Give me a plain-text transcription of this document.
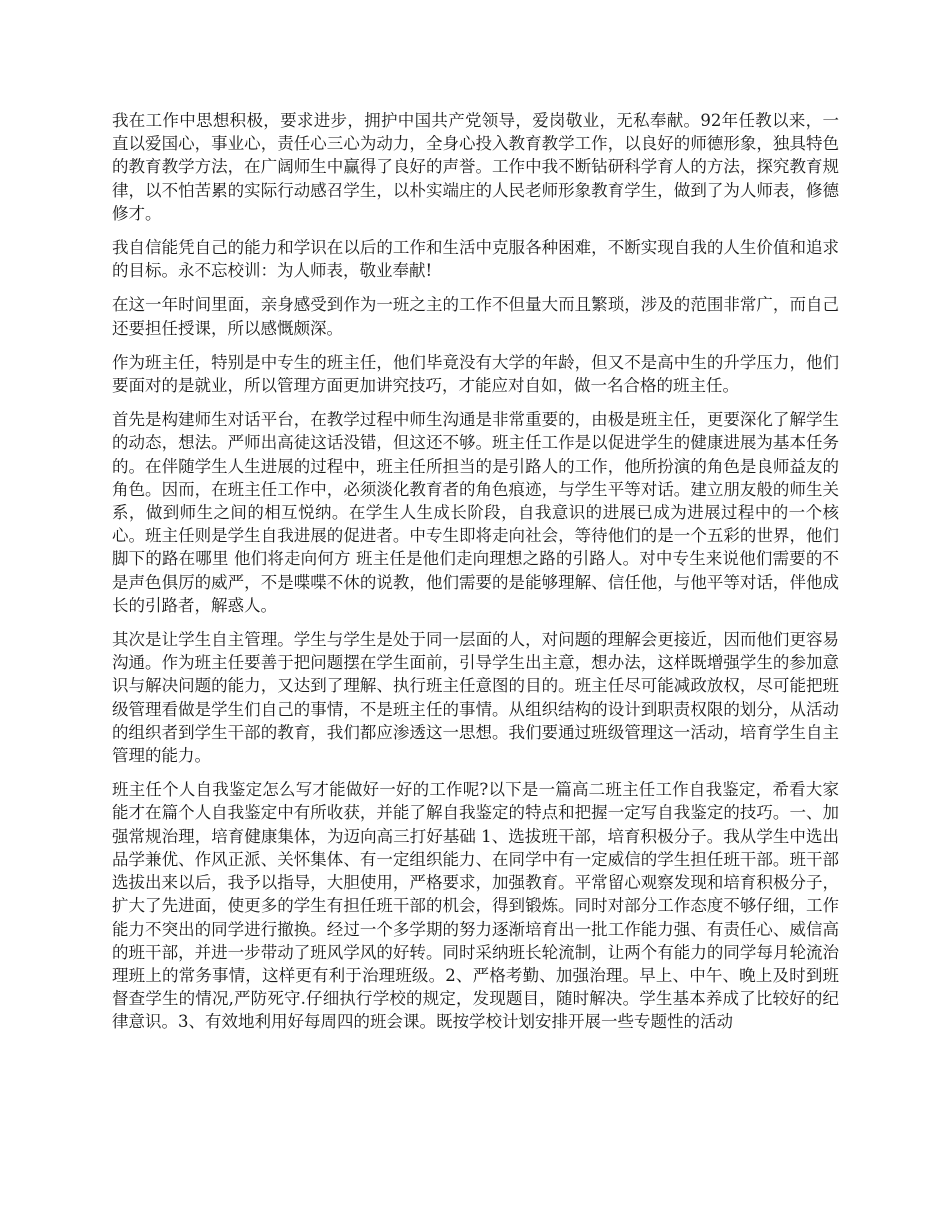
我在工作中思想积极，要求进步，拥护中国共产党领导，爱岗敬业，无私奉献。92年任教以来，一直以爱国心，事业心，责任心三心为动力，全身心投入教育教学工作，以良好的师德形象，独具特色的教育教学方法，在广阔师生中赢得了良好的声誉。工作中我不断钻研科学育人的方法，探究教育规律，以不怕苦累的实际行动感召学生，以朴实端庄的人民老师形象教育学生，做到了为人师表，修德修才。

我自信能凭自己的能力和学识在以后的工作和生活中克服各种困难，不断实现自我的人生价值和追求的目标。永不忘校训：为人师表，敬业奉献!

在这一年时间里面，亲身感受到作为一班之主的工作不但量大而且繁琐，涉及的范围非常广，而自己还要担任授课，所以感慨颇深。

作为班主任，特别是中专生的班主任，他们毕竟没有大学的年龄，但又不是高中生的升学压力，他们要面对的是就业，所以管理方面更加讲究技巧，才能应对自如，做一名合格的班主任。

首先是构建师生对话平台，在教学过程中师生沟通是非常重要的，由极是班主任，更要深化了解学生的动态，想法。严师出高徒这话没错，但这还不够。班主任工作是以促进学生的健康进展为基本任务的。在伴随学生人生进展的过程中，班主任所担当的是引路人的工作，他所扮演的角色是良师益友的角色。因而，在班主任工作中，必须淡化教育者的角色痕迹，与学生平等对话。建立朋友般的师生关系，做到师生之间的相互悦纳。在学生人生成长阶段，自我意识的进展已成为进展过程中的一个核心。班主任则是学生自我进展的促进者。中专生即将走向社会，等待他们的是一个五彩的世界，他们脚下的路在哪里 他们将走向何方 班主任是他们走向理想之路的引路人。对中专生来说他们需要的不是声色俱厉的威严，不是喋喋不休的说教，他们需要的是能够理解、信任他，与他平等对话，伴他成长的引路者，解惑人。

其次是让学生自主管理。学生与学生是处于同一层面的人，对问题的理解会更接近，因而他们更容易沟通。作为班主任要善于把问题摆在学生面前，引导学生出主意，想办法，这样既增强学生的参加意识与解决问题的能力，又达到了理解、执行班主任意图的目的。班主任尽可能减政放权，尽可能把班级管理看做是学生们自己的事情，不是班主任的事情。从组织结构的设计到职责权限的划分，从活动的组织者到学生干部的教育，我们都应渗透这一思想。我们要通过班级管理这一活动，培育学生自主管理的能力。

班主任个人自我鉴定怎么写才能做好一好的工作呢?以下是一篇高二班主任工作自我鉴定，希看大家能才在篇个人自我鉴定中有所收获，并能了解自我鉴定的特点和把握一定写自我鉴定的技巧。一、加强常规治理，培育健康集体，为迈向高三打好基础 1、选拔班干部，培育积极分子。我从学生中选出品学兼优、作风正派、关怀集体、有一定组织能力、在同学中有一定威信的学生担任班干部。班干部选拔出来以后，我予以指导，大胆使用，严格要求，加强教育。平常留心观察发现和培育积极分子，扩大了先进面，使更多的学生有担任班干部的机会，得到锻炼。同时对部分工作态度不够仔细，工作能力不突出的同学进行撤换。经过一个多学期的努力逐渐培育出一批工作能力强、有责任心、威信高的班干部，并进一步带动了班风学风的好转。同时采纳班长轮流制，让两个有能力的同学每月轮流治理班上的常务事情，这样更有利于治理班级。2、严格考勤、加强治理。早上、中午、晚上及时到班督查学生的情况,严防死守.仔细执行学校的规定，发现题目，随时解决。学生基本养成了比较好的纪律意识。3、有效地利用好每周四的班会课。既按学校计划安排开展一些专题性的活动
